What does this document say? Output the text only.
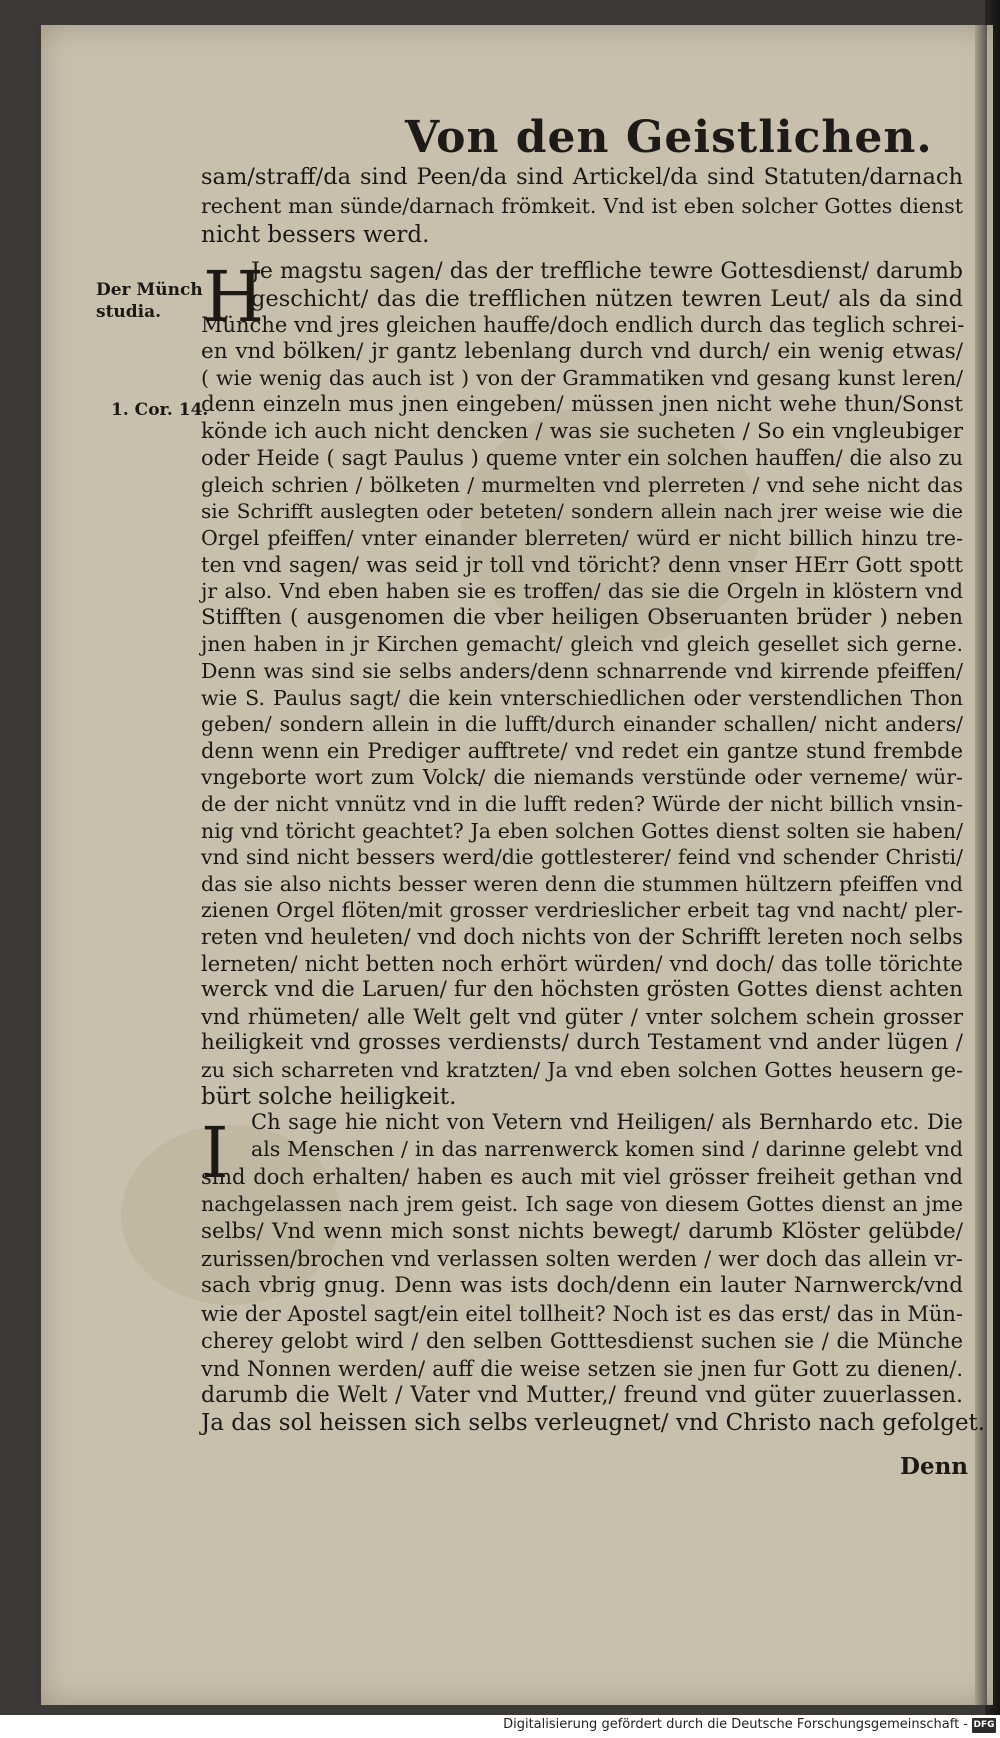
Von den Geistlichen.
sam/straff/da sind Peen/da sind Artickel/da sind Statuten/darnach
rechent man sünde/darnach frömkeit. Vnd ist eben solcher Gottes dienst
nicht bessers werd.
Der Münch
studia.
1. Cor. 14.
H
Je magstu sagen/ das der treffliche tewre Gottesdienst/ darumb
geschicht/ das die trefflichen nützen tewren Leut/ als da sind
Münche vnd jres gleichen hauffe/doch endlich durch das teglich schrei-
en vnd bölken/ jr gantz lebenlang durch vnd durch/ ein wenig etwas/
( wie wenig das auch ist ) von der Grammatiken vnd gesang kunst leren/
denn einzeln mus jnen eingeben/ müssen jnen nicht wehe thun/Sonst
könde ich auch nicht dencken / was sie sucheten / So ein vngleubiger
oder Heide ( sagt Paulus ) queme vnter ein solchen hauffen/ die also zu
gleich schrien / bölketen / murmelten vnd plerreten / vnd sehe nicht das
sie Schrifft auslegten oder beteten/ sondern allein nach jrer weise wie die
Orgel pfeiffen/ vnter einander blerreten/ würd er nicht billich hinzu tre-
ten vnd sagen/ was seid jr toll vnd töricht? denn vnser HErr Gott spott
jr also. Vnd eben haben sie es troffen/ das sie die Orgeln in klöstern vnd
Stifften ( ausgenomen die vber heiligen Obseruanten brüder ) neben
jnen haben in jr Kirchen gemacht/ gleich vnd gleich gesellet sich gerne.
Denn was sind sie selbs anders/denn schnarrende vnd kirrende pfeiffen/
wie S. Paulus sagt/ die kein vnterschiedlichen oder verstendlichen Thon
geben/ sondern allein in die lufft/durch einander schallen/ nicht anders/
denn wenn ein Prediger aufftrete/ vnd redet ein gantze stund frembde
vngeborte wort zum Volck/ die niemands verstünde oder verneme/ wür-
de der nicht vnnütz vnd in die lufft reden? Würde der nicht billich vnsin-
nig vnd töricht geachtet? Ja eben solchen Gottes dienst solten sie haben/
vnd sind nicht bessers werd/die gottlesterer/ feind vnd schender Christi/
das sie also nichts besser weren denn die stummen hültzern pfeiffen vnd
zienen Orgel flöten/mit grosser verdrieslicher erbeit tag vnd nacht/ pler-
reten vnd heuleten/ vnd doch nichts von der Schrifft lereten noch selbs
lerneten/ nicht betten noch erhört würden/ vnd doch/ das tolle törichte
werck vnd die Laruen/ fur den höchsten grösten Gottes dienst achten
vnd rhümeten/ alle Welt gelt vnd güter / vnter solchem schein grosser
heiligkeit vnd grosses verdiensts/ durch Testament vnd ander lügen /
zu sich scharreten vnd kratzten/ Ja vnd eben solchen Gottes heusern ge-
bürt solche heiligkeit.
I Ch sage hie nicht von Vetern vnd Heiligen/ als Bernhardo etc. Die
als Menschen / in das narrenwerck komen sind / darinne gelebt vnd
sind doch erhalten/ haben es auch mit viel grösser freiheit gethan vnd
nachgelassen nach jrem geist. Ich sage von diesem Gottes dienst an jme
selbs/ Vnd wenn mich sonst nichts bewegt/ darumb Klöster gelübde/
zurissen/brochen vnd verlassen solten werden / wer doch das allein vr-
sach vbrig gnug. Denn was ists doch/denn ein lauter Narnwerck/vnd
wie der Apostel sagt/ein eitel tollheit? Noch ist es das erst/ das in Mün-
cherey gelobt wird / den selben Gotttesdienst suchen sie / die Münche
vnd Nonnen werden/ auff die weise setzen sie jnen fur Gott zu dienen/.
darumb die Welt / Vater vnd Mutter,/ freund vnd güter zuuerlassen.
Ja das sol heissen sich selbs verleugnet/ vnd Christo nach gefolget.
Denn
Digitalisierung gefördert durch die Deutsche Forschungsgemeinschaft - DFG
